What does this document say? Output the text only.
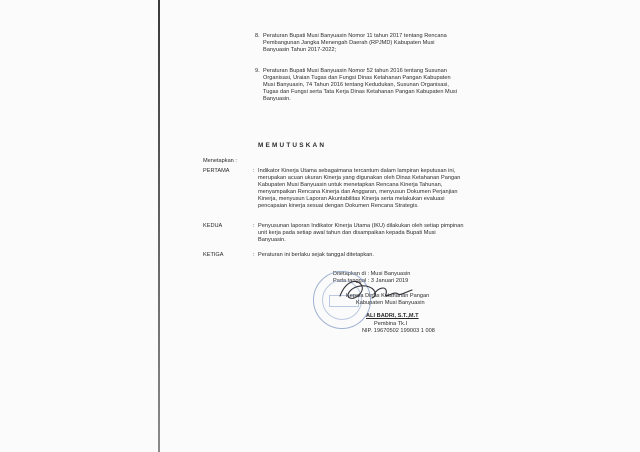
8. Peraturan Bupati Musi Banyuasin Nomor 11 tahun 2017 tentang Rencana
Pembangunan Jangka Menengah Daerah (RPJMD) Kabupaten Musi
Banyuasin Tahun 2017-2022;
9. Peraturan Bupati Musi Banyuasin Nomor 52 tahun 2016 tentang Susunan
Organisasi, Uraian Tugas dan Fungsi Dinas Ketahanan Pangan Kabupaten
Musi Banyuasin, 74 Tahun 2016 tentang Kedudukan, Susunan Organisasi,
Tugas dan Fungsi serta Tata Kerja Dinas Ketahanan Pangan Kabupaten Musi
Banyuasin.
MEMUTUSKAN
Menetapkan :
PERTAMA	: Indikator Kinerja Utama sebagaimana tercantum dalam lampiran keputusan ini,
merupakan acuan ukuran Kinerja yang digunakan oleh Dinas Ketahanan Pangan
Kabupaten Musi Banyuasin untuk menetapkan Rencana Kinerja Tahunan,
menyampaikan Rencana Kinerja dan Anggaran, menyusun Dokumen Perjanjian
Kinerja, menyusun Laporan Akuntabilitas Kinerja serta melakukan evaluasi
pencapaian kinerja sesuai dengan Dokumen Rencana Strategis.
KEDUA	: Penyusunan laporan Indikator Kinerja Utama (IKU) dilakukan oleh setiap pimpinan
unit kerja pada setiap awal tahun dan disampaikan kepada Bupati Musi
Banyuasin.
KETIGA	: Peraturan ini berlaku sejak tanggal ditetapkan.
Ditetapkan di : Musi Banyuasin
Pada tanggal : 3 Januari 2019
Kepala Dinas Ketahanan Pangan
Kabupaten Musi Banyuasin
ALI BADRI, S.T.,M.T
Pembina Tk.I
NIP. 19670502 199003 1 008
